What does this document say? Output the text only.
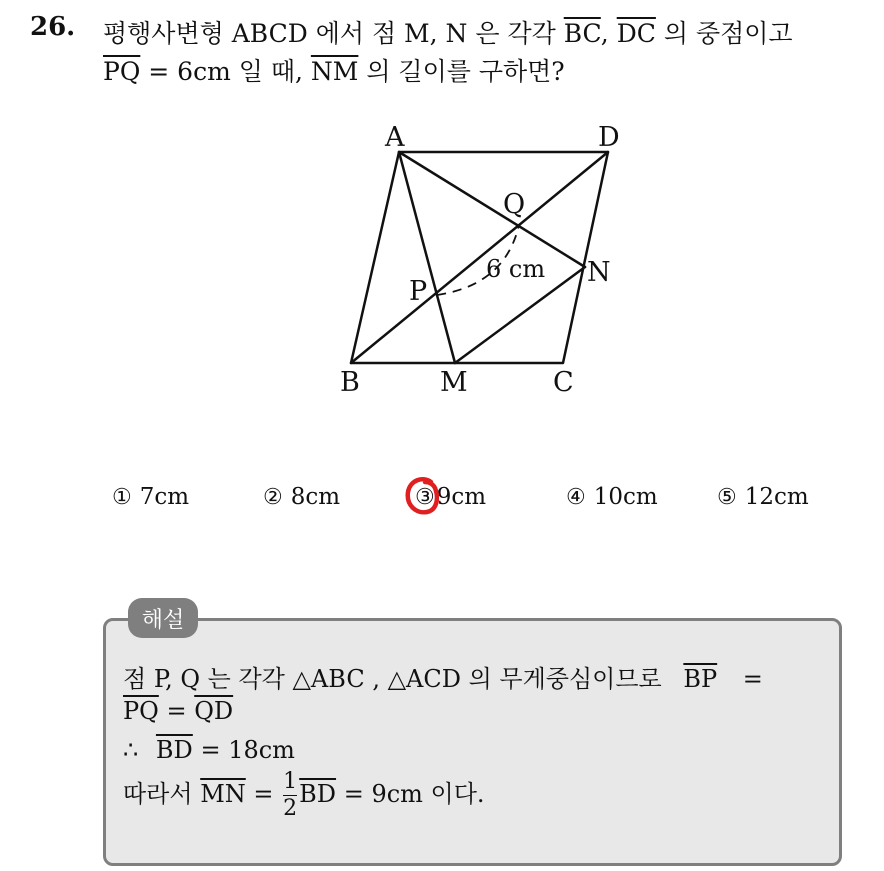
26. 평행사변형 ABCD 에서 점 M, N 은 각각 $\overline{BC}$, $\overline{DC}$ 의 중점이고
$\overline{PQ} = 6cm$ 일 때, $\overline{NM}$ 의 길이를 구하면?
A	D
B	M	C
N
P
Q
6 cm
① 7cm	② 8cm	③9cm	④ 10cm	⑤ 12cm
해설
점 P, Q 는 각각 △ABC , △ACD 의 무게중심이므로 $\overline{BP}$ =
$\overline{PQ} = \overline{QD}$
∴ $\overline{BD} = 18cm$
따라서 $\overline{MN} = \frac{1}{2} \overline{BD} = 9cm$ 이다.
